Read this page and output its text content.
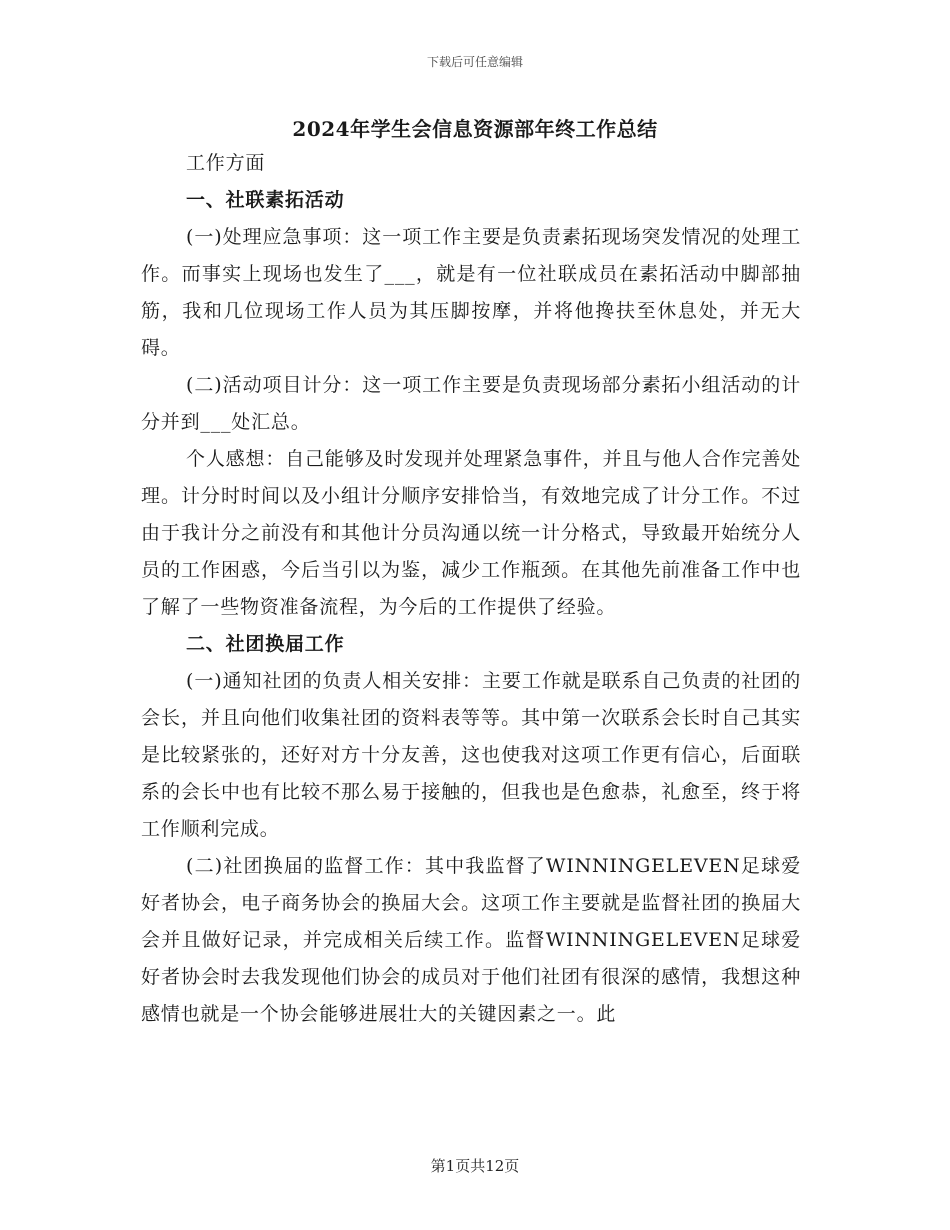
下载后可任意编辑
2024年学生会信息资源部年终工作总结

工作方面

一、社联素拓活动

(一)处理应急事项：这一项工作主要是负责素拓现场突发情况的处理工作。而事实上现场也发生了___，就是有一位社联成员在素拓活动中脚部抽筋，我和几位现场工作人员为其压脚按摩，并将他搀扶至休息处，并无大碍。

(二)活动项目计分：这一项工作主要是负责现场部分素拓小组活动的计分并到___处汇总。

个人感想：自己能够及时发现并处理紧急事件，并且与他人合作完善处理。计分时时间以及小组计分顺序安排恰当，有效地完成了计分工作。不过由于我计分之前没有和其他计分员沟通以统一计分格式，导致最开始统分人员的工作困惑，今后当引以为鉴，减少工作瓶颈。在其他先前准备工作中也了解了一些物资准备流程，为今后的工作提供了经验。

二、社团换届工作

(一)通知社团的负责人相关安排：主要工作就是联系自己负责的社团的会长，并且向他们收集社团的资料表等等。其中第一次联系会长时自己其实是比较紧张的，还好对方十分友善，这也使我对这项工作更有信心，后面联系的会长中也有比较不那么易于接触的，但我也是色愈恭，礼愈至，终于将工作顺利完成。

(二)社团换届的监督工作：其中我监督了WINNINGELEVEN足球爱好者协会，电子商务协会的换届大会。这项工作主要就是监督社团的换届大会并且做好记录，并完成相关后续工作。监督WINNINGELEVEN足球爱好者协会时去我发现他们协会的成员对于他们社团有很深的感情，我想这种感情也就是一个协会能够进展壮大的关键因素之一。此

第1页共12页
